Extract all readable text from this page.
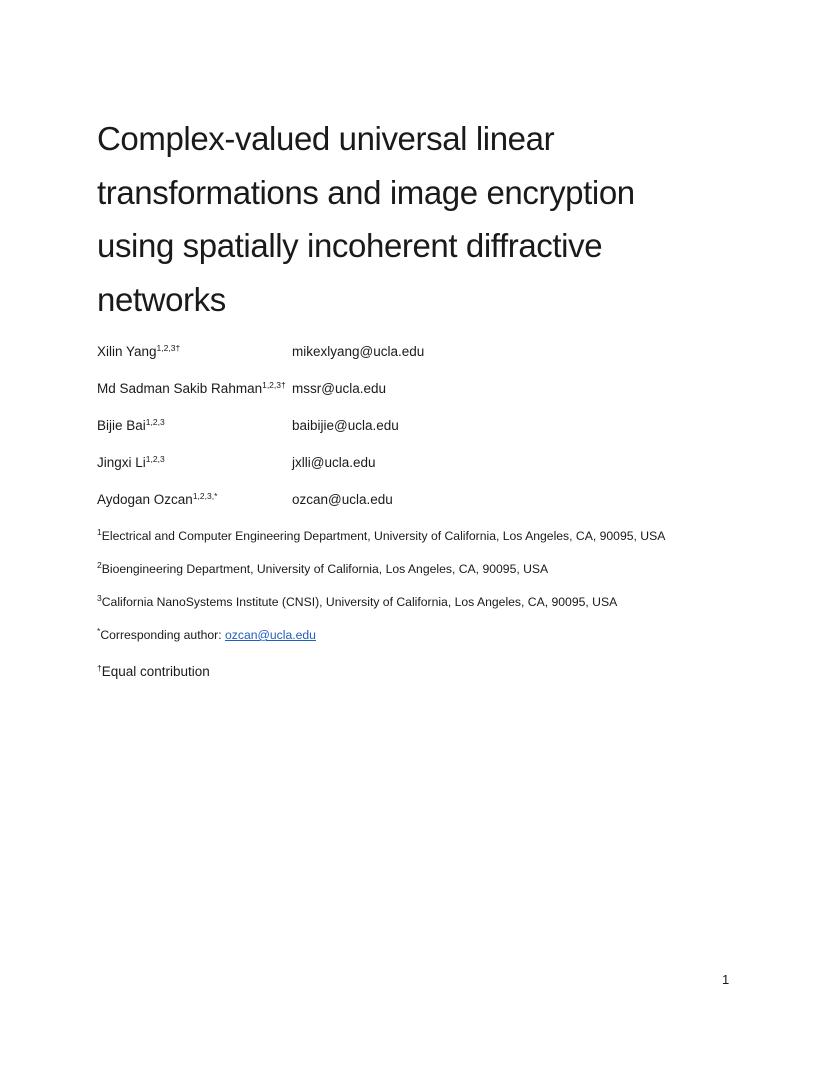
Complex-valued universal linear
transformations and image encryption
using spatially incoherent diffractive
networks
Xilin Yang$^{1,2,3\dagger}$	mikexlyang@ucla.edu
Md Sadman Sakib Rahman$^{1,2,3\dagger}$ mssr@ucla.edu
Bijie Bai$^{1,2,3}$	baibijie@ucla.edu
Jingxi Li$^{1,2,3}$	jxlli@ucla.edu
Aydogan Ozcan$^{1,2,3,*}$	ozcan@ucla.edu
$^1$Electrical and Computer Engineering Department, University of California, Los Angeles, CA, 90095, USA
$^2$Bioengineering Department, University of California, Los Angeles, CA, 90095, USA
$^3$California NanoSystems Institute (CNSI), University of California, Los Angeles, CA, 90095, USA
*Corresponding author: ozcan@ucla.edu
†Equal contribution
1
